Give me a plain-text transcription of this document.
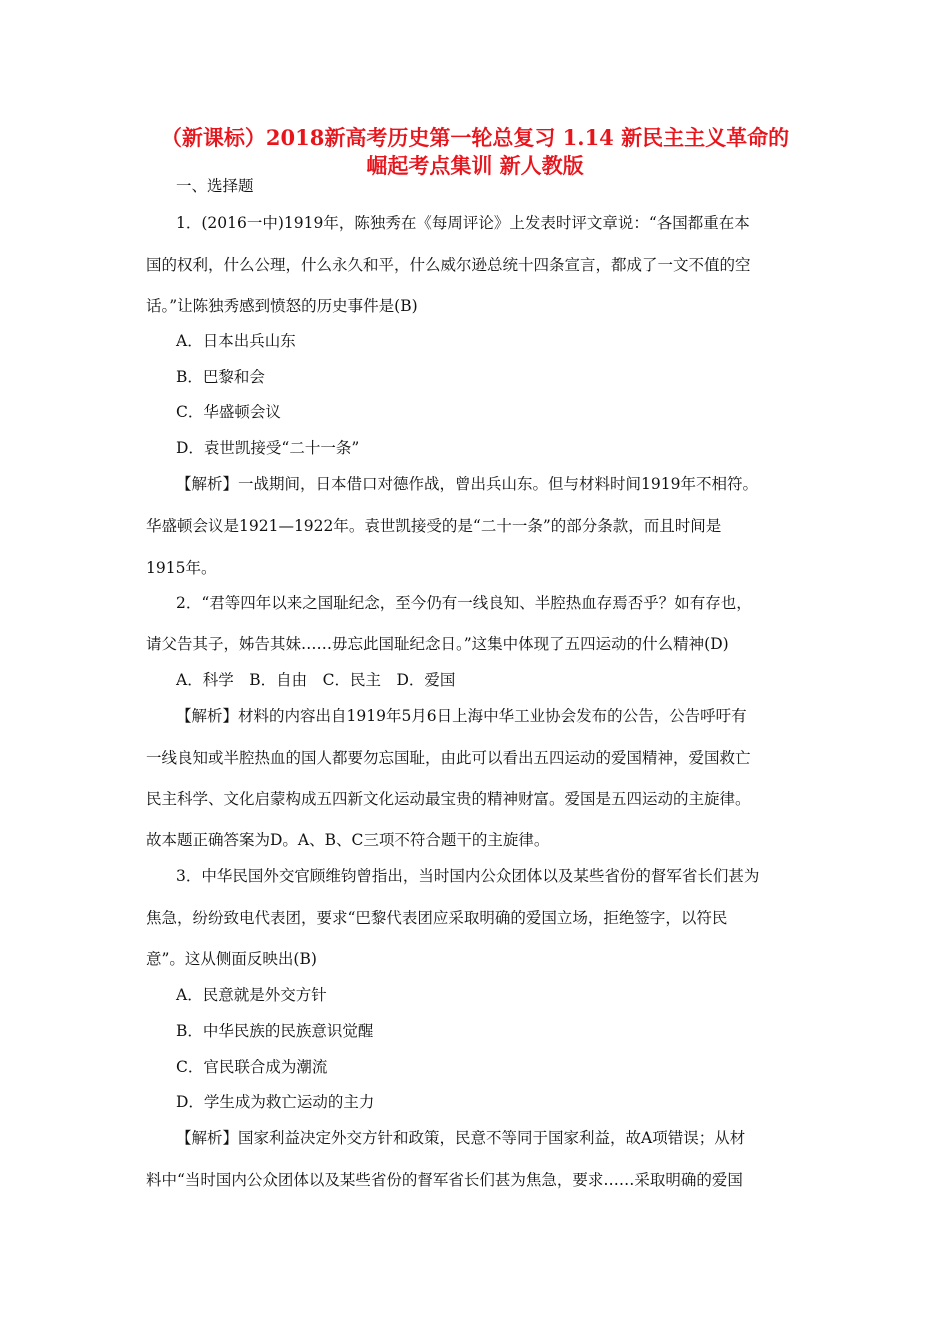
（新课标）2018新高考历史第一轮总复习 1.14 新民主主义革命的
崛起考点集训 新人教版
一、选择题
1．(2016一中)1919年，陈独秀在《每周评论》上发表时评文章说：“各国都重在本
国的权利，什么公理，什么永久和平，什么威尔逊总统十四条宣言，都成了一文不值的空
话。”让陈独秀感到愤怒的历史事件是(B)
A．日本出兵山东
B．巴黎和会
C．华盛顿会议
D．袁世凯接受“二十一条”
【解析】一战期间，日本借口对德作战，曾出兵山东。但与材料时间1919年不相符。
华盛顿会议是1921—1922年。袁世凯接受的是“二十一条”的部分条款，而且时间是
1915年。
2．“君等四年以来之国耻纪念，至今仍有一线良知、半腔热血存焉否乎？如有存也，
请父告其子，姊告其妹……毋忘此国耻纪念日。”这集中体现了五四运动的什么精神(D)
A．科学　B．自由　C．民主　D．爱国
【解析】材料的内容出自1919年5月6日上海中华工业协会发布的公告，公告呼吁有
一线良知或半腔热血的国人都要勿忘国耻，由此可以看出五四运动的爱国精神，爱国救亡
民主科学、文化启蒙构成五四新文化运动最宝贵的精神财富。爱国是五四运动的主旋律。
故本题正确答案为D。A、B、C三项不符合题干的主旋律。
3．中华民国外交官顾维钧曾指出，当时国内公众团体以及某些省份的督军省长们甚为
焦急，纷纷致电代表团，要求“巴黎代表团应采取明确的爱国立场，拒绝签字，以符民
意”。这从侧面反映出(B)
A．民意就是外交方针
B．中华民族的民族意识觉醒
C．官民联合成为潮流
D．学生成为救亡运动的主力
【解析】国家利益决定外交方针和政策，民意不等同于国家利益，故A项错误；从材
料中“当时国内公众团体以及某些省份的督军省长们甚为焦急，要求……采取明确的爱国
